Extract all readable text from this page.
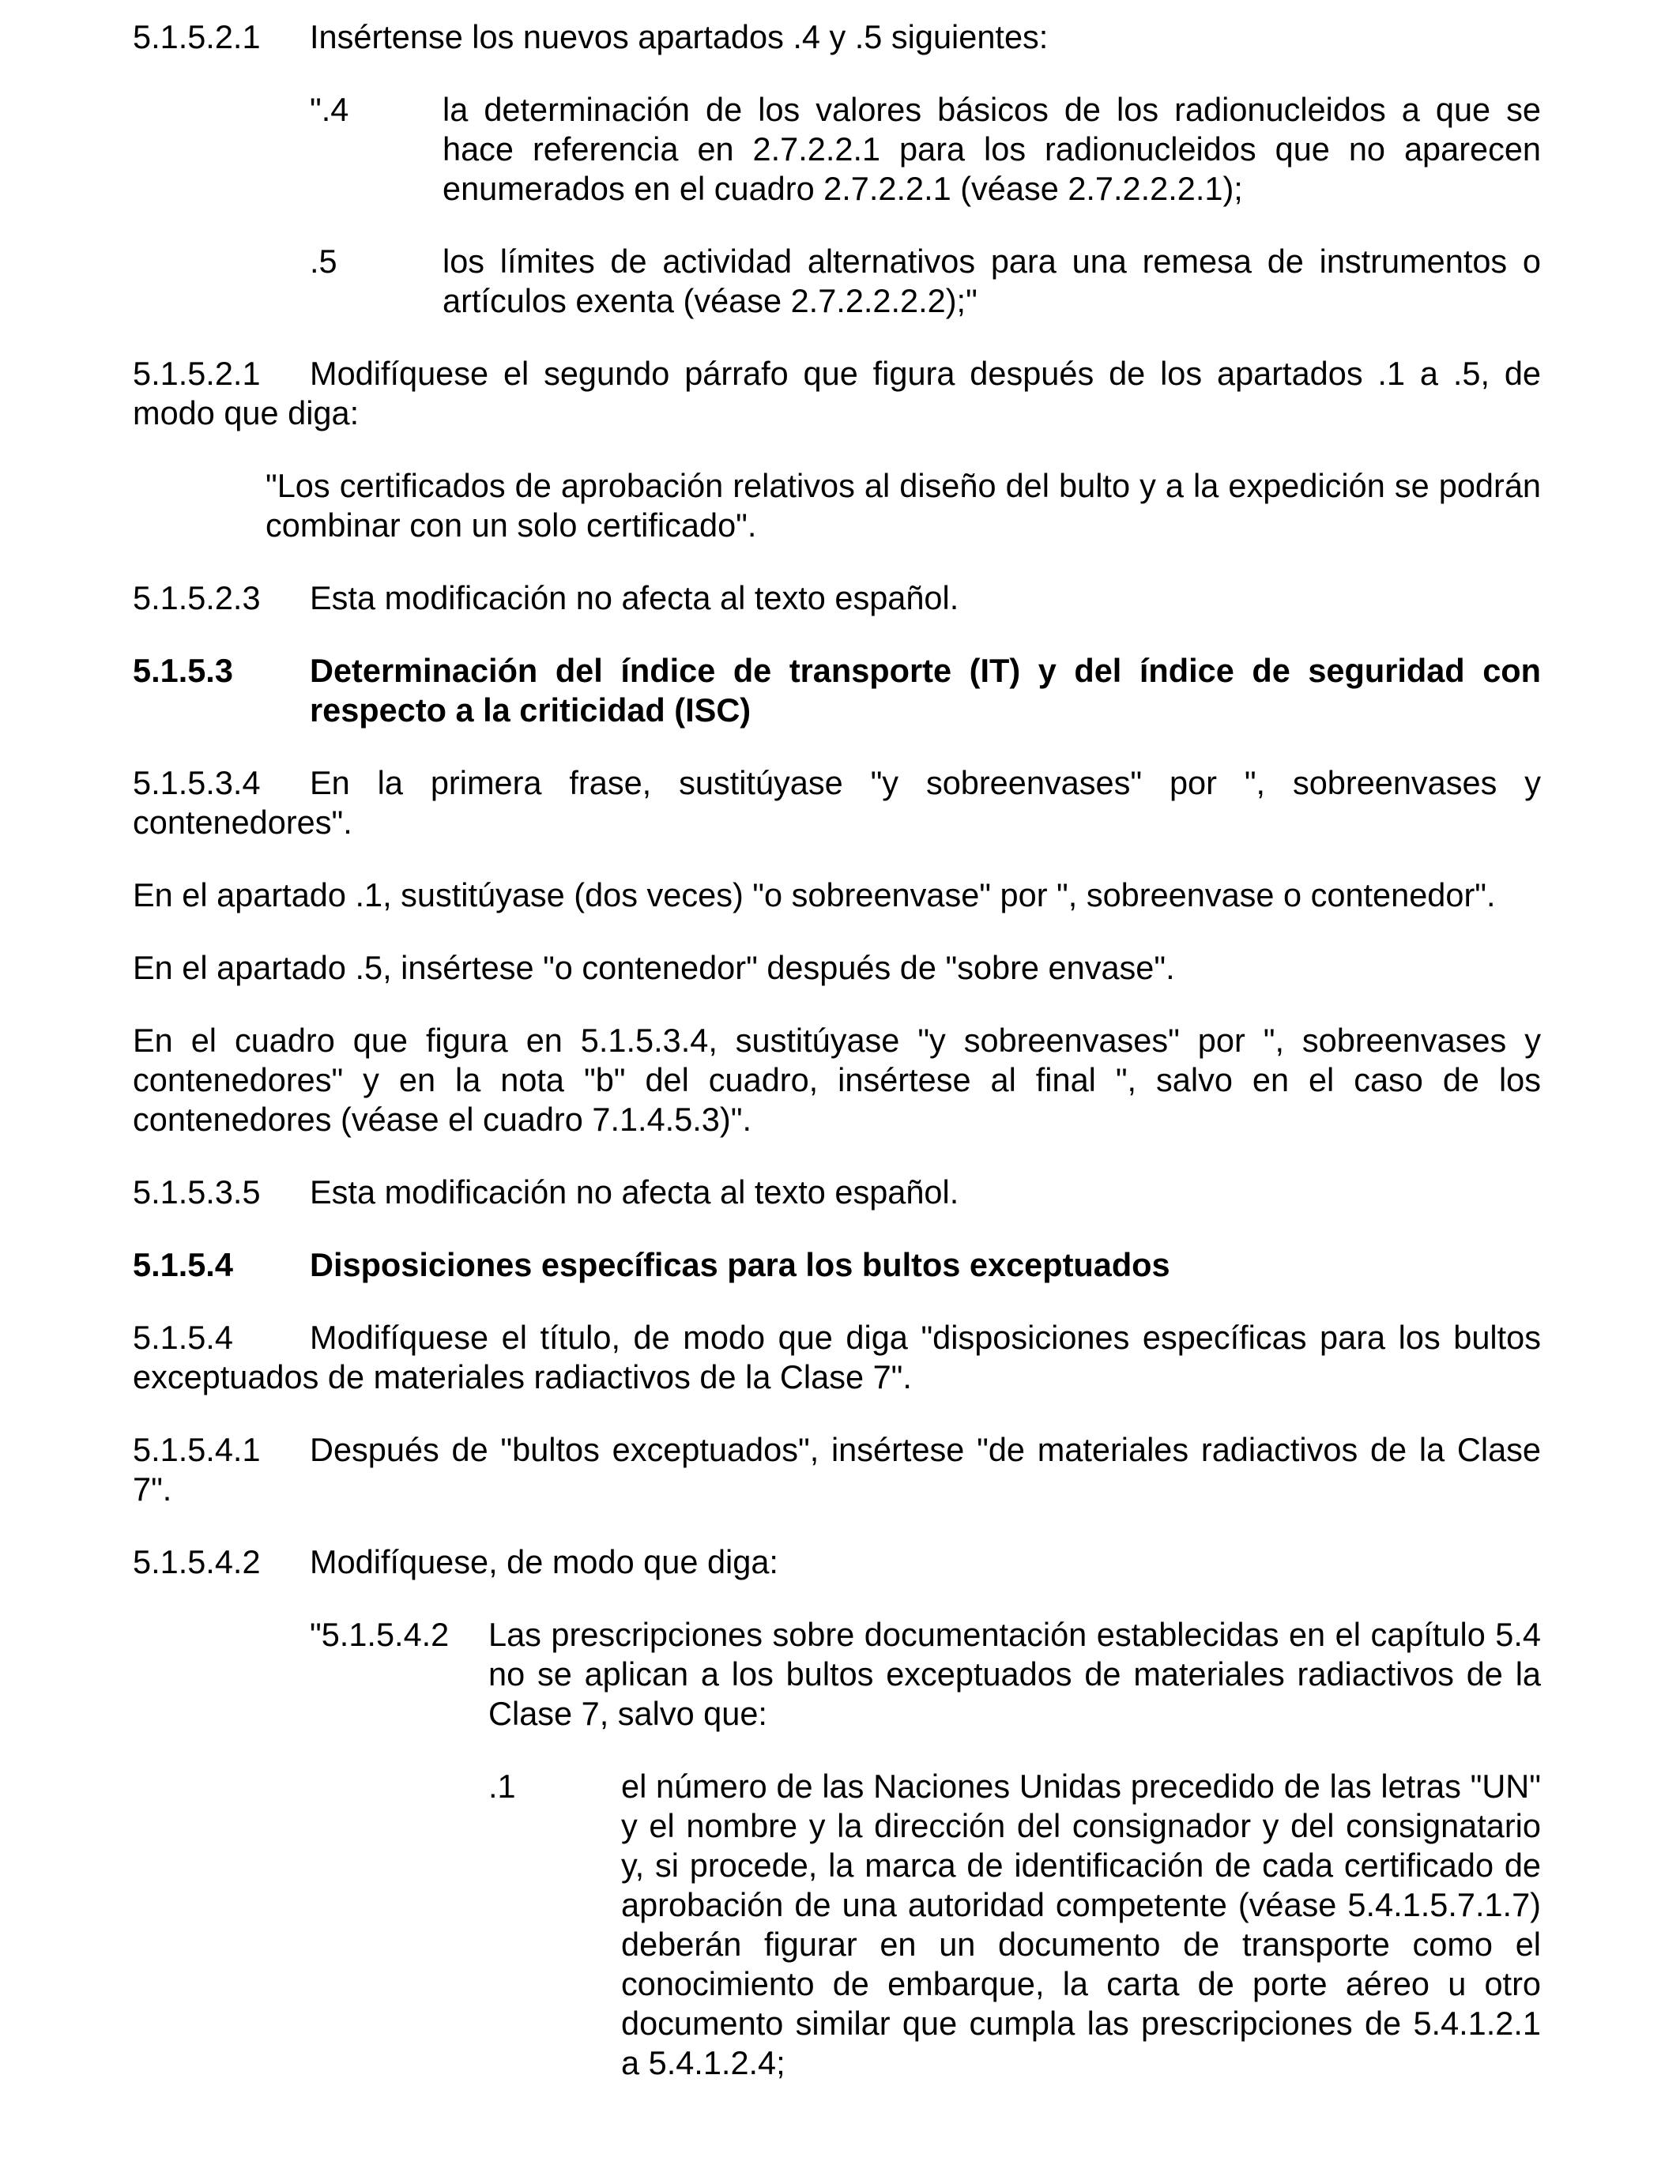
5.1.5.2.1 Insértense los nuevos apartados .4 y .5 siguientes:
".4	la determinación de los valores básicos de los radionucleidos a que se hace referencia en 2.7.2.2.1 para los radionucleidos que no aparecen enumerados en el cuadro 2.7.2.2.1 (véase 2.7.2.2.2.1);
.5	los límites de actividad alternativos para una remesa de instrumentos o artículos exenta (véase 2.7.2.2.2.2);"
5.1.5.2.1	Modifíquese el segundo párrafo que figura después de los apartados .1 a .5, de modo que diga:
"Los certificados de aprobación relativos al diseño del bulto y a la expedición se podrán combinar con un solo certificado".
5.1.5.2.3 Esta modificación no afecta al texto español.
5.1.5.3 Determinación del índice de transporte (IT) y del índice de seguridad con respecto a la criticidad (ISC)
5.1.5.3.4	En la primera frase, sustitúyase "y sobreenvases" por ", sobreenvases y contenedores".
En el apartado .1, sustitúyase (dos veces) "o sobreenvase" por ", sobreenvase o contenedor".
En el apartado .5, insértese "o contenedor" después de "sobre envase".
En el cuadro que figura en 5.1.5.3.4, sustitúyase "y sobreenvases" por ", sobreenvases y contenedores" y en la nota "b" del cuadro, insértese al final ", salvo en el caso de los contenedores (véase el cuadro 7.1.4.5.3)".
5.1.5.3.5 Esta modificación no afecta al texto español.
5.1.5.4 Disposiciones específicas para los bultos exceptuados
5.1.5.4	Modifíquese el título, de modo que diga "disposiciones específicas para los bultos exceptuados de materiales radiactivos de la Clase 7".
5.1.5.4.1	Después de "bultos exceptuados", insértese "de materiales radiactivos de la Clase 7".
5.1.5.4.2 Modifíquese, de modo que diga:
"5.1.5.4.2 Las prescripciones sobre documentación establecidas en el capítulo 5.4 no se aplican a los bultos exceptuados de materiales radiactivos de la Clase 7, salvo que:
.1	el número de las Naciones Unidas precedido de las letras "UN" y el nombre y la dirección del consignador y del consignatario y, si procede, la marca de identificación de cada certificado de aprobación de una autoridad competente (véase 5.4.1.5.7.1.7) deberán figurar en un documento de transporte como el conocimiento de embarque, la carta de porte aéreo u otro documento similar que cumpla las prescripciones de 5.4.1.2.1 a 5.4.1.2.4;
